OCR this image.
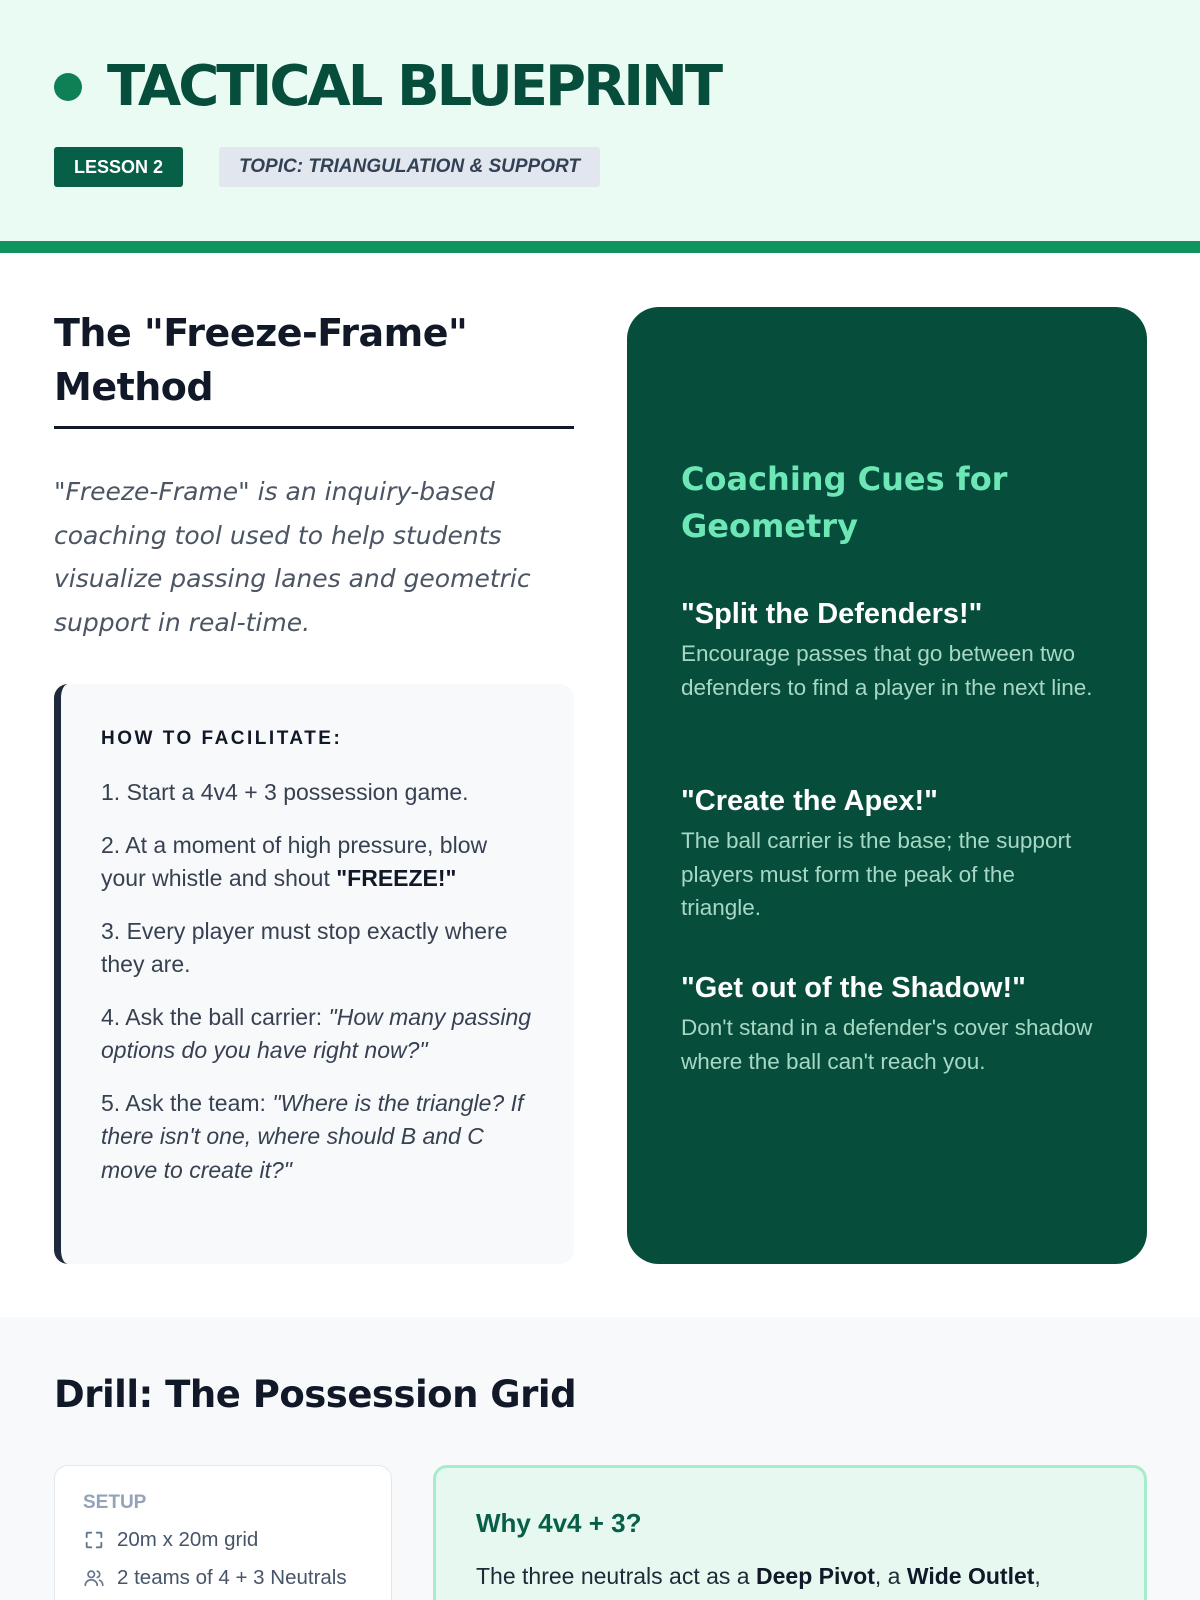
TACTICAL BLUEPRINT
LESSON 2	TOPIC: TRIANGULATION & SUPPORT
The "Freeze-Frame" Method
"Freeze-Frame" is an inquiry-based coaching tool used to help students visualize passing lanes and geometric support in real-time.
HOW TO FACILITATE:
1. Start a 4v4 + 3 possession game.
2. At a moment of high pressure, blow your whistle and shout "FREEZE!"
3. Every player must stop exactly where they are.
4. Ask the ball carrier: "How many passing options do you have right now?"
5. Ask the team: "Where is the triangle? If there isn't one, where should B and C move to create it?"
Coaching Cues for Geometry
"Split the Defenders!"
Encourage passes that go between two defenders to find a player in the next line.
"Create the Apex!"
The ball carrier is the base; the support players must form the peak of the triangle.
"Get out of the Shadow!"
Don't stand in a defender's cover shadow where the ball can't reach you.
Drill: The Possession Grid
SETUP
20m x 20m grid
2 teams of 4 + 3 Neutrals
Why 4v4 + 3?
The three neutrals act as a Deep Pivot, a Wide Outlet,
